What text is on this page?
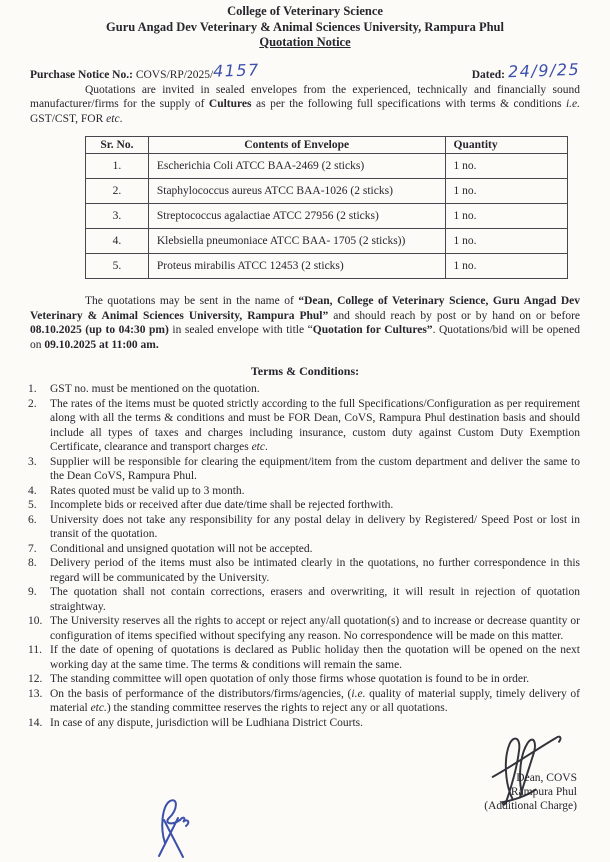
College of Veterinary Science
Guru Angad Dev Veterinary & Animal Sciences University, Rampura Phul
Quotation Notice
Purchase Notice No.: COVS/RP/2025/4157	Dated: 24/9/25

Quotations are invited in sealed envelopes from the experienced, technically and financially sound manufacturer/firms for the supply of Cultures as per the following full specifications with terms & conditions i.e. GST/CST, FOR etc.

Sr. No.	Contents of Envelope	Quantity
1.	Escherichia Coli ATCC BAA-2469 (2 sticks)	1 no.
2.	Staphylococcus aureus ATCC BAA-1026 (2 sticks)	1 no.
3.	Streptococcus agalactiae ATCC 27956 (2 sticks)	1 no.
4.	Klebsiella pneumoniace ATCC BAA- 1705 (2 sticks))	1 no.
5.	Proteus mirabilis ATCC 12453 (2 sticks)	1 no.

The quotations may be sent in the name of “Dean, College of Veterinary Science, Guru Angad Dev Veterinary & Animal Sciences University, Rampura Phul” and should reach by post or by hand on or before 08.10.2025 (up to 04:30 pm) in sealed envelope with title “Quotation for Cultures”. Quotations/bid will be opened on 09.10.2025 at 11:00 am.

Terms & Conditions:
1. GST no. must be mentioned on the quotation.
2. The rates of the items must be quoted strictly according to the full Specifications/Configuration as per requirement along with all the terms & conditions and must be FOR Dean, CoVS, Rampura Phul destination basis and should include all types of taxes and charges including insurance, custom duty against Custom Duty Exemption Certificate, clearance and transport charges etc.
3. Supplier will be responsible for clearing the equipment/item from the custom department and deliver the same to the Dean CoVS, Rampura Phul.
4. Rates quoted must be valid up to 3 month.
5. Incomplete bids or received after due date/time shall be rejected forthwith.
6. University does not take any responsibility for any postal delay in delivery by Registered/ Speed Post or lost in transit of the quotation.
7. Conditional and unsigned quotation will not be accepted.
8. Delivery period of the items must also be intimated clearly in the quotations, no further correspondence in this regard will be communicated by the University.
9. The quotation shall not contain corrections, erasers and overwriting, it will result in rejection of quotation straightway.
10. The University reserves all the rights to accept or reject any/all quotation(s) and to increase or decrease quantity or configuration of items specified without specifying any reason. No correspondence will be made on this matter.
11. If the date of opening of quotations is declared as Public holiday then the quotation will be opened on the next working day at the same time. The terms & conditions will remain the same.
12. The standing committee will open quotation of only those firms whose quotation is found to be in order.
13. On the basis of performance of the distributors/firms/agencies, (i.e. quality of material supply, timely delivery of material etc.) the standing committee reserves the rights to reject any or all quotations.
14. In case of any dispute, jurisdiction will be Ludhiana District Courts.
Dean, COVS
Rampura Phul
(Additional Charge)
